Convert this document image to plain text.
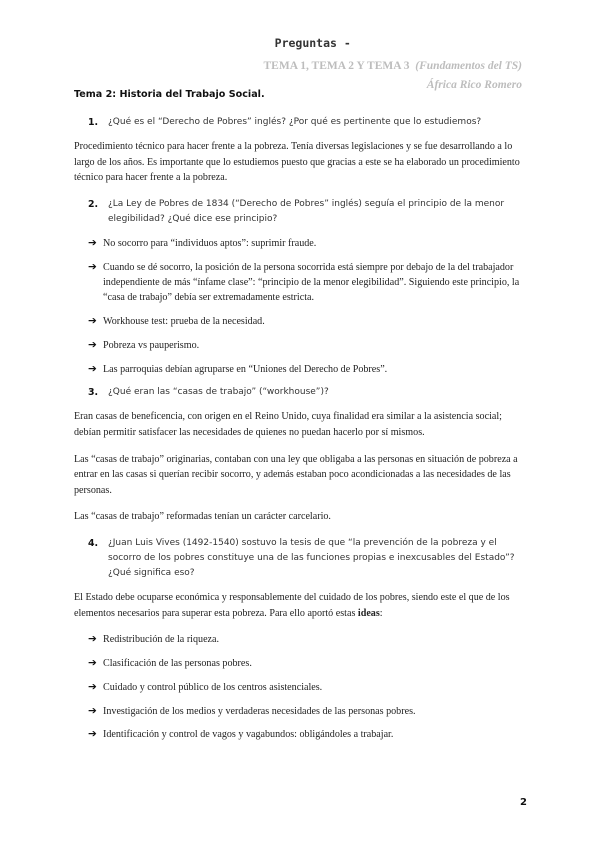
Preguntas -
TEMA 1, TEMA 2 Y TEMA 3 (Fundamentos del TS)
África Rico Romero
Tema 2: Historia del Trabajo Social.
1.	¿Qué es el “Derecho de Pobres” inglés? ¿Por qué es pertinente que lo estudiemos?

Procedimiento técnico para hacer frente a la pobreza. Tenía diversas legislaciones y se fue desarrollando a lo largo de los años. Es importante que lo estudiemos puesto que gracias a este se ha elaborado un procedimiento técnico para hacer frente a la pobreza.

2.	¿La Ley de Pobres de 1834 (“Derecho de Pobres” inglés) seguía el principio de la menor elegibilidad? ¿Qué dice ese principio?
➔ No socorro para “individuos aptos”: suprimir fraude.
➔ Cuando se dé socorro, la posición de la persona socorrida está siempre por debajo de la del trabajador independiente de más “ínfame clase”: “principio de la menor elegibilidad”. Siguiendo este principio, la “casa de trabajo” debía ser extremadamente estricta.
➔ Workhouse test: prueba de la necesidad.
➔ Pobreza vs pauperismo.
➔ Las parroquias debían agruparse en “Uniones del Derecho de Pobres”.
3.	¿Qué eran las “casas de trabajo” (“workhouse”)?

Eran casas de beneficencia, con origen en el Reino Unido, cuya finalidad era similar a la asistencia social; debían permitir satisfacer las necesidades de quienes no puedan hacerlo por sí mismos.

Las “casas de trabajo” originarias, contaban con una ley que obligaba a las personas en situación de pobreza a entrar en las casas si querían recibir socorro, y además estaban poco acondicionadas a las necesidades de las personas.

Las “casas de trabajo” reformadas tenían un carácter carcelario.

4.	¿Juan Luis Vives (1492-1540) sostuvo la tesis de que “la prevención de la pobreza y el socorro de los pobres constituye una de las funciones propias e inexcusables del Estado”? ¿Qué significa eso?

El Estado debe ocuparse económica y responsablemente del cuidado de los pobres, siendo este el que de los elementos necesarios para superar esta pobreza. Para ello aportó estas ideas:

➔ Redistribución de la riqueza.
➔ Clasificación de las personas pobres.
➔ Cuidado y control público de los centros asistenciales.
➔ Investigación de los medios y verdaderas necesidades de las personas pobres.
➔ Identificación y control de vagos y vagabundos: obligándoles a trabajar.
2
